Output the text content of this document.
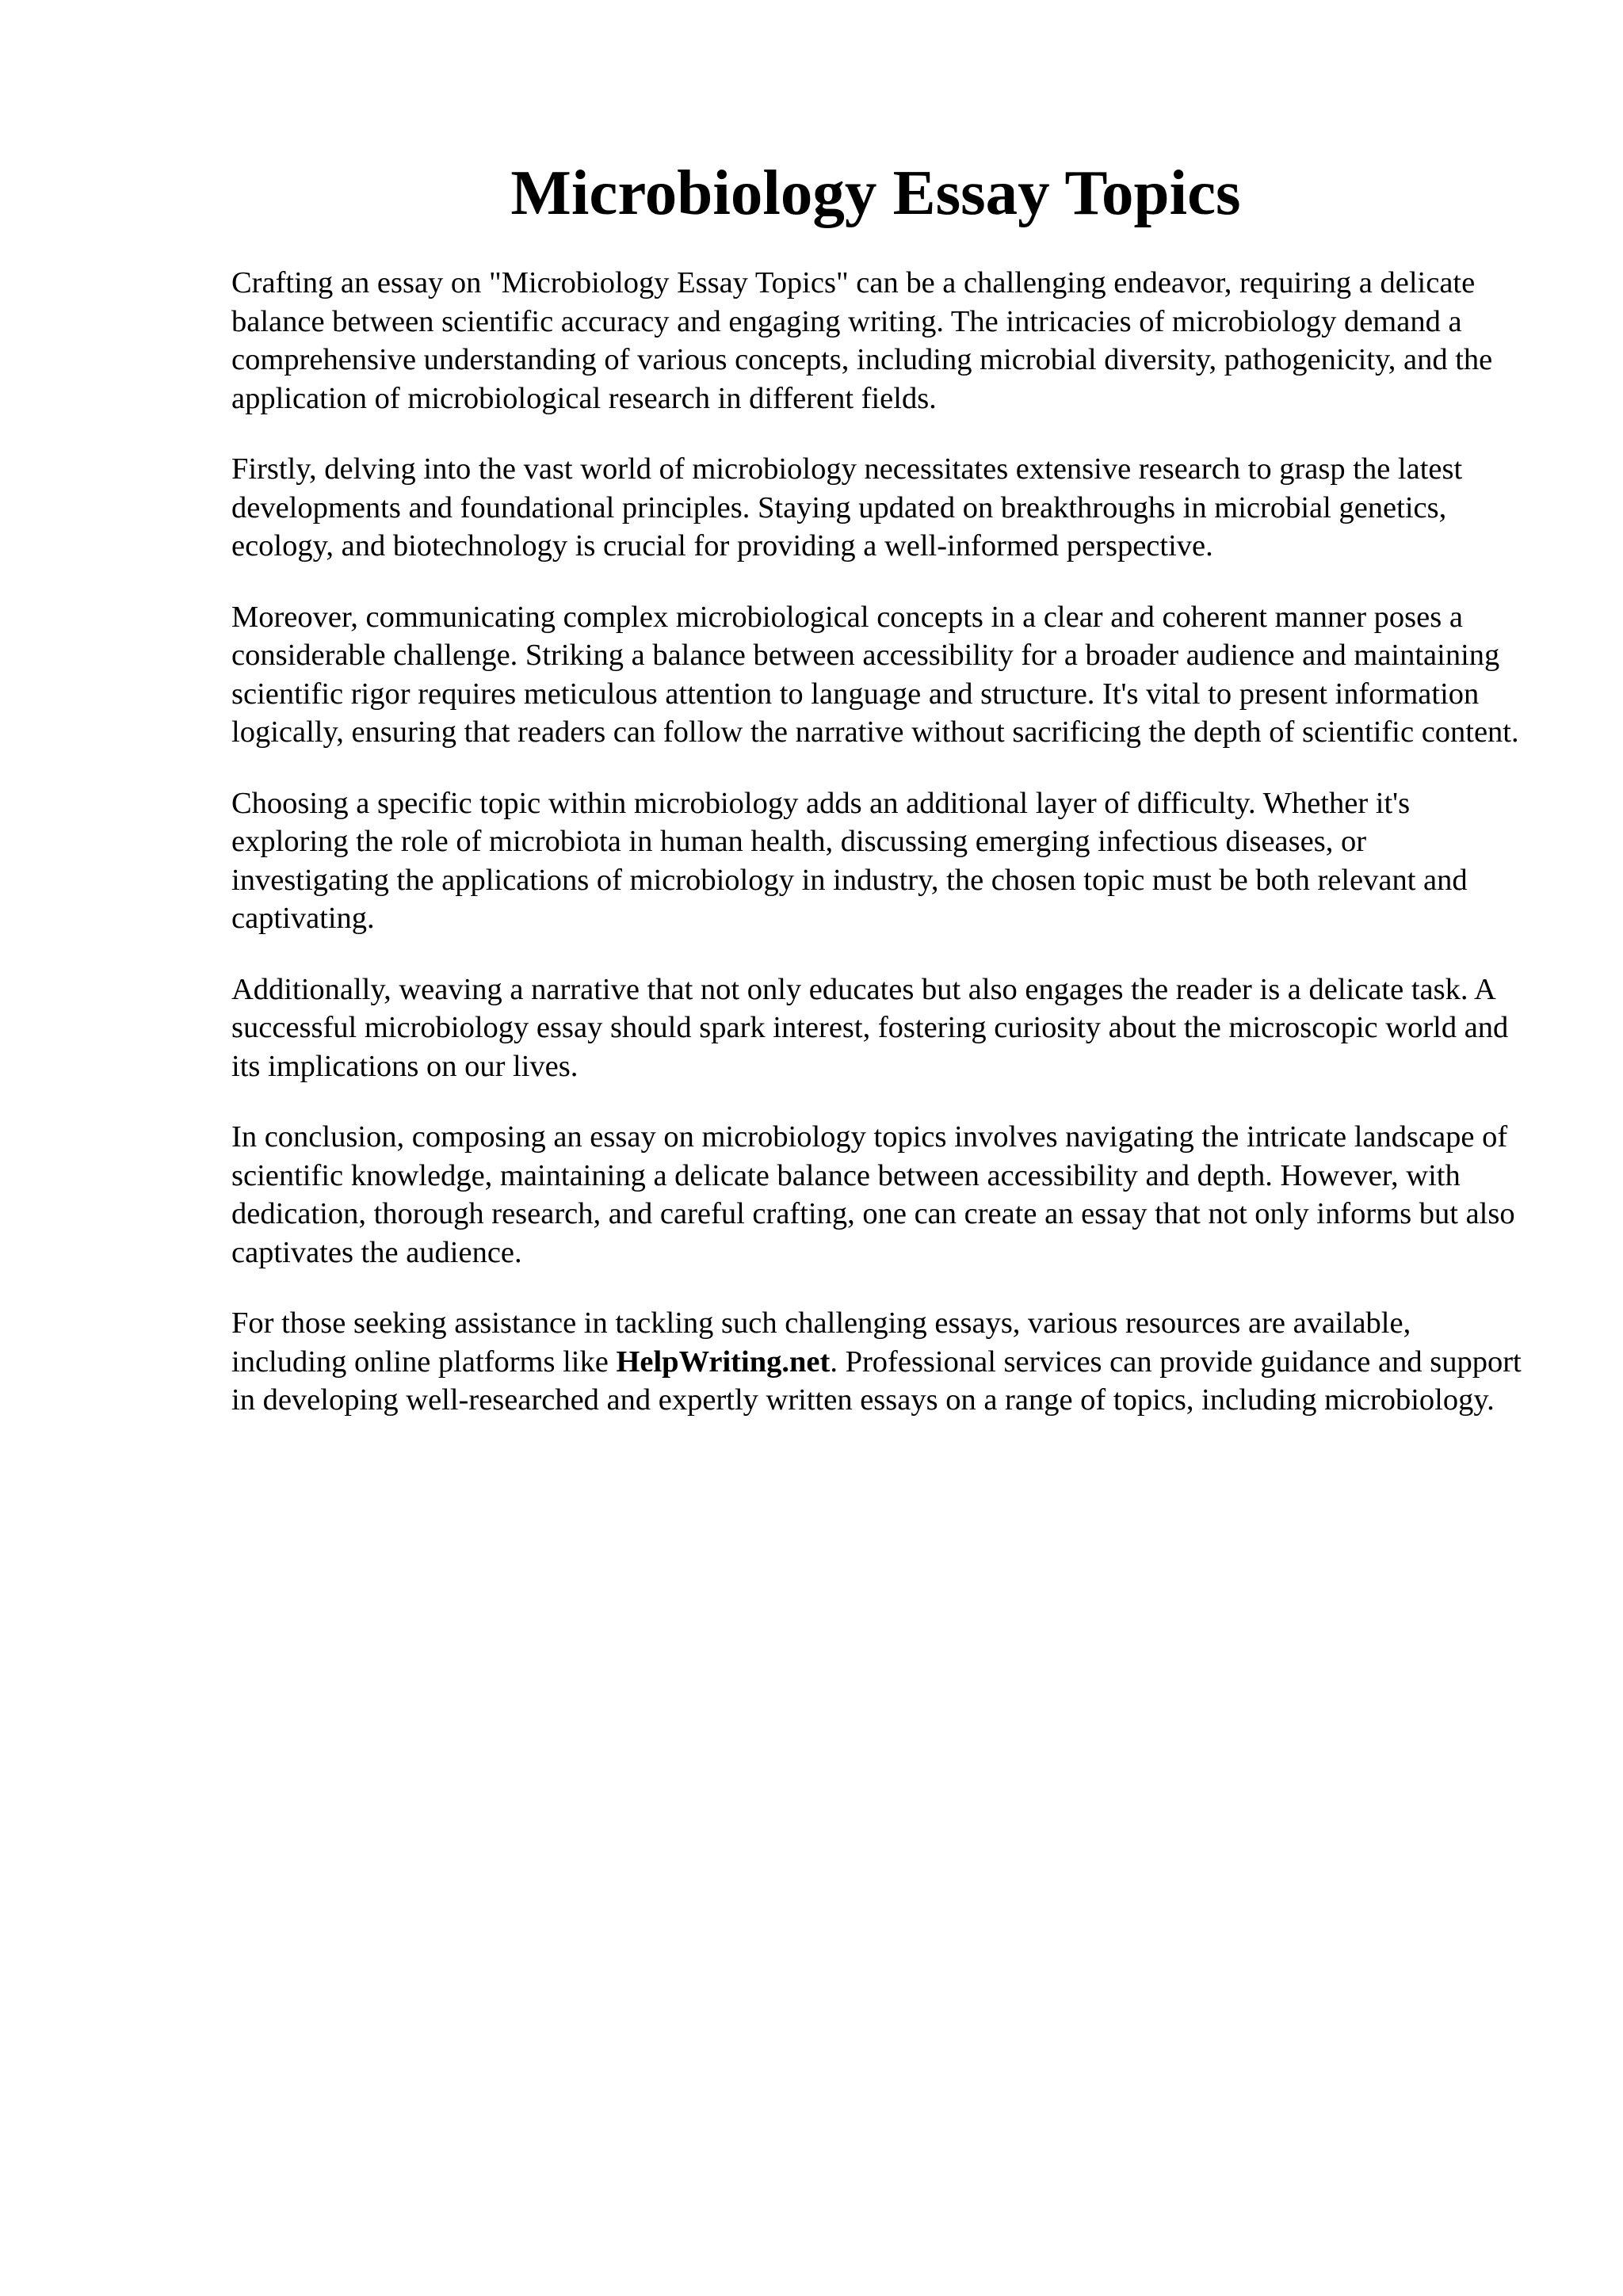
Microbiology Essay Topics

Crafting an essay on "Microbiology Essay Topics" can be a challenging endeavor, requiring a delicate balance between scientific accuracy and engaging writing. The intricacies of microbiology demand a comprehensive understanding of various concepts, including microbial diversity, pathogenicity, and the application of microbiological research in different fields.

Firstly, delving into the vast world of microbiology necessitates extensive research to grasp the latest developments and foundational principles. Staying updated on breakthroughs in microbial genetics, ecology, and biotechnology is crucial for providing a well-informed perspective.

Moreover, communicating complex microbiological concepts in a clear and coherent manner poses a considerable challenge. Striking a balance between accessibility for a broader audience and maintaining scientific rigor requires meticulous attention to language and structure. It's vital to present information logically, ensuring that readers can follow the narrative without sacrificing the depth of scientific content.

Choosing a specific topic within microbiology adds an additional layer of difficulty. Whether it's exploring the role of microbiota in human health, discussing emerging infectious diseases, or investigating the applications of microbiology in industry, the chosen topic must be both relevant and captivating.

Additionally, weaving a narrative that not only educates but also engages the reader is a delicate task. A successful microbiology essay should spark interest, fostering curiosity about the microscopic world and its implications on our lives.

In conclusion, composing an essay on microbiology topics involves navigating the intricate landscape of scientific knowledge, maintaining a delicate balance between accessibility and depth. However, with dedication, thorough research, and careful crafting, one can create an essay that not only informs but also captivates the audience.

For those seeking assistance in tackling such challenging essays, various resources are available, including online platforms like HelpWriting.net. Professional services can provide guidance and support in developing well-researched and expertly written essays on a range of topics, including microbiology.
